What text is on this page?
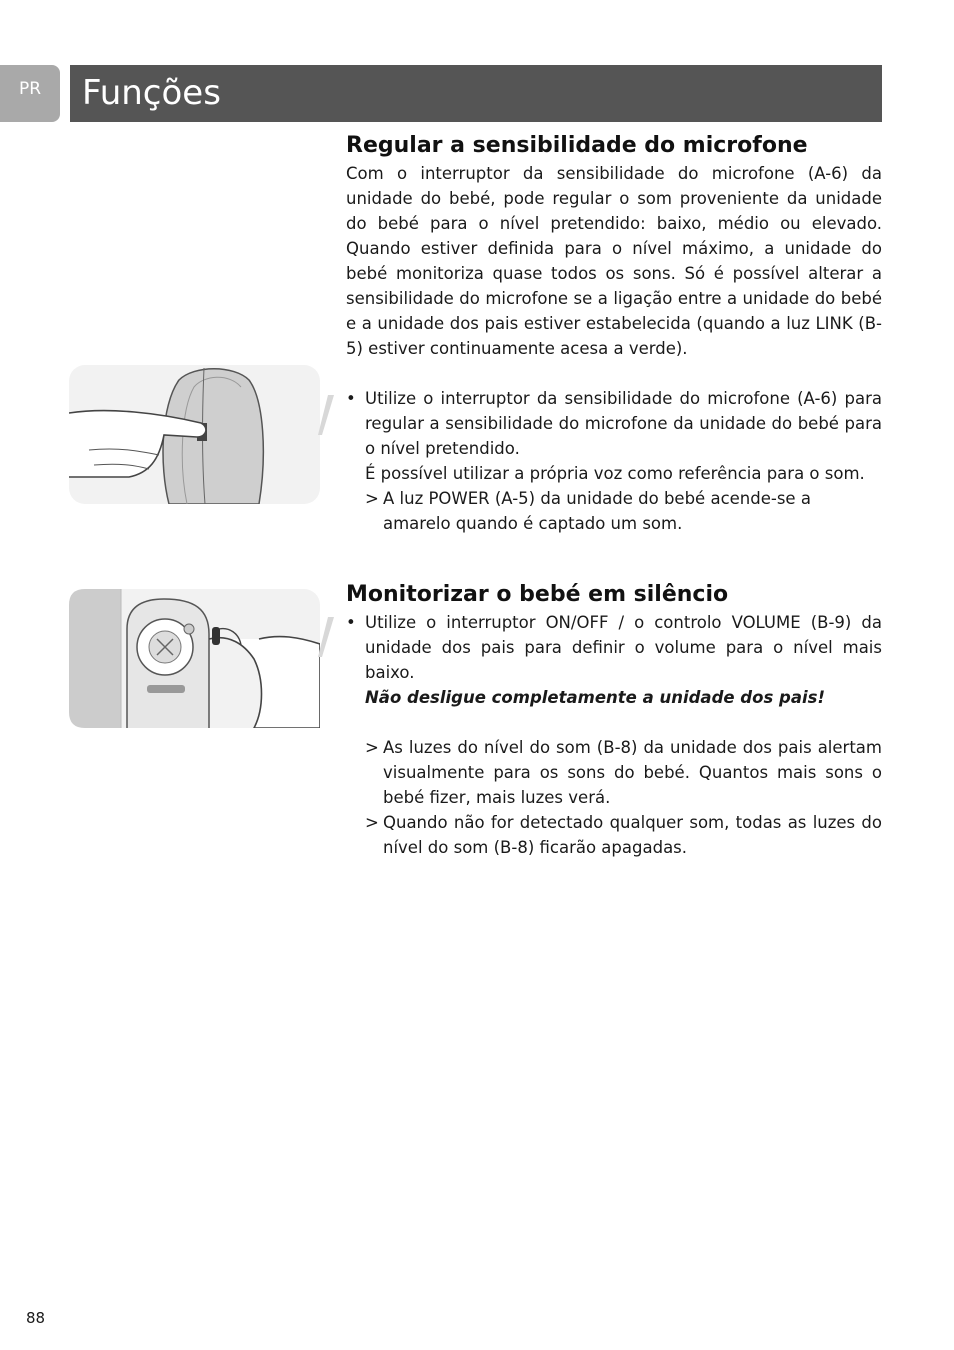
PR	Funções
Regular a sensibilidade do microfone

Com o interruptor da sensibilidade do microfone (A-6) da unidade do bebé, pode regular o som proveniente da unidade do bebé para o nível pretendido: baixo, médio ou elevado. Quando estiver definida para o nível máximo, a unidade do bebé monitoriza quase todos os sons. Só é possível alterar a sensibilidade do microfone se a ligação entre a unidade do bebé e a unidade dos pais estiver estabelecida (quando a luz LINK (B-5) estiver continuamente acesa a verde).

• Utilize o interruptor da sensibilidade do microfone (A-6) para regular a sensibilidade do microfone da unidade do bebé para o nível pretendido.

É possível utilizar a própria voz como referência para o som.

> A luz POWER (A-5) da unidade do bebé acende-se a amarelo quando é captado um som.

Monitorizar o bebé em silêncio

• Utilize o interruptor ON/OFF / o controlo VOLUME (B-9) da unidade dos pais para definir o volume para o nível mais baixo.

Não desligue completamente a unidade dos pais!

> As luzes do nível do som (B-8) da unidade dos pais alertam visualmente para os sons do bebé. Quantos mais sons o bebé fizer, mais luzes verá.

> Quando não for detectado qualquer som, todas as luzes do nível do som (B-8) ficarão apagadas.

88
